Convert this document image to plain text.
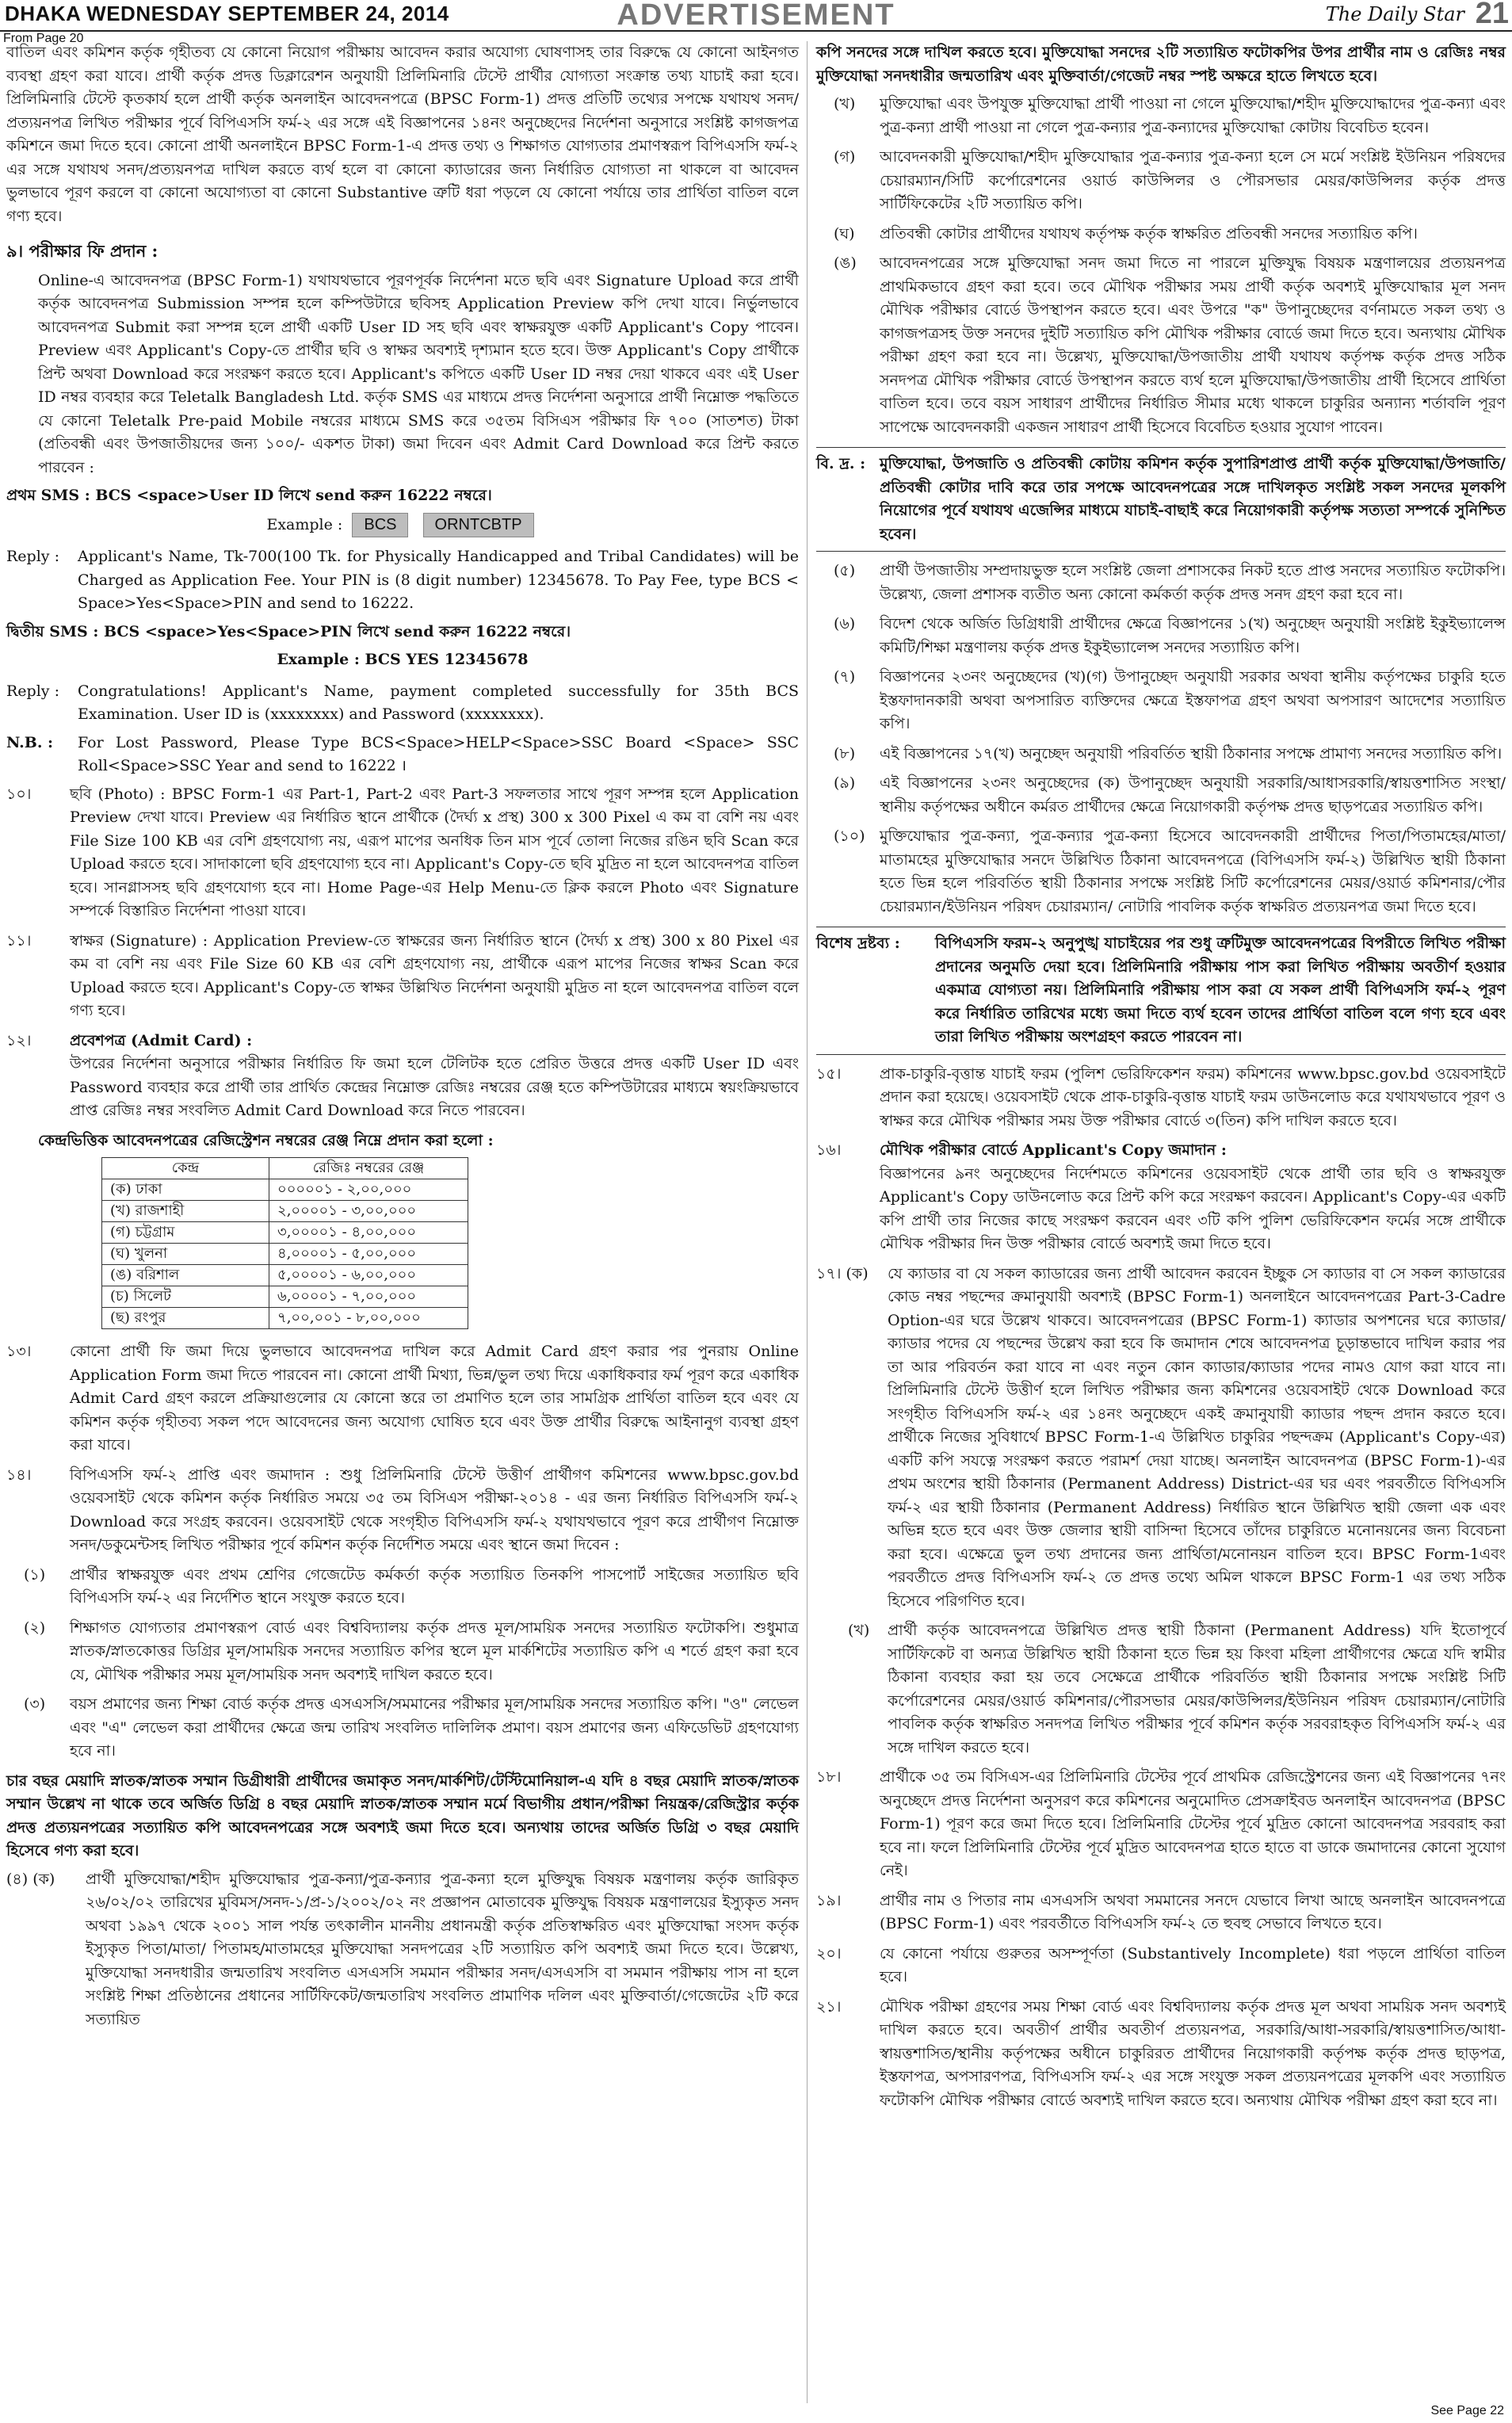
DHAKA WEDNESDAY SEPTEMBER 24, 2014	ADVERTISEMENT	The Daily Star 21
From Page 20

বাতিল এবং কমিশন কর্তৃক গৃহীতব্য যে কোনো নিয়োগ পরীক্ষায় আবেদন করার অযোগ্য ঘোষণাসহ তার বিরুদ্ধে যে কোনো আইনগত ব্যবস্থা গ্রহণ করা যাবে। প্রার্থী কর্তৃক প্রদত্ত ডিক্লারেশন অনুযায়ী প্রিলিমিনারি টেস্টে প্রার্থীর যোগ্যতা সংক্রান্ত তথ্য যাচাই করা হবে। প্রিলিমিনারি টেস্টে কৃতকার্য হলে প্রার্থী কর্তৃক অনলাইন আবেদনপত্রে (BPSC Form-1) প্রদত্ত প্রতিটি তথ্যের সপক্ষে যথাযথ সনদ/প্রত্যয়নপত্র লিখিত পরীক্ষার পূর্বে বিপিএসসি ফর্ম-২ এর সঙ্গে এই বিজ্ঞাপনের ১৪নং অনুচ্ছেদের নির্দেশনা অনুসারে সংশ্লিষ্ট কাগজপত্র কমিশনে জমা দিতে হবে। কোনো প্রার্থী অনলাইনে BPSC Form-1-এ প্রদত্ত তথ্য ও শিক্ষাগত যোগ্যতার প্রমাণস্বরূপ বিপিএসসি ফর্ম-২ এর সঙ্গে যথাযথ সনদ/প্রত্যয়নপত্র দাখিল করতে ব্যর্থ হলে বা কোনো ক্যাডারের জন্য নির্ধারিত যোগ্যতা না থাকলে বা আবেদন ভুলভাবে পূরণ করলে বা কোনো অযোগ্যতা বা কোনো Substantive ত্রুটি ধরা পড়লে যে কোনো পর্যায়ে তার প্রার্থিতা বাতিল বলে গণ্য হবে।

৯। পরীক্ষার ফি প্রদান :

Online-এ আবেদনপত্র (BPSC Form-1) যথাযথভাবে পূরণপূর্বক নির্দেশনা মতে ছবি এবং Signature Upload করে প্রার্থী কর্তৃক আবেদনপত্র Submission সম্পন্ন হলে কম্পিউটারে ছবিসহ Application Preview কপি দেখা যাবে। নির্ভুলভাবে আবেদনপত্র Submit করা সম্পন্ন হলে প্রার্থী একটি User ID সহ ছবি এবং স্বাক্ষরযুক্ত একটি Applicant's Copy পাবেন। Preview এবং Applicant's Copy-তে প্রার্থীর ছবি ও স্বাক্ষর অবশ্যই দৃশ্যমান হতে হবে। উক্ত Applicant's Copy প্রার্থীকে প্রিন্ট অথবা Download করে সংরক্ষণ করতে হবে। Applicant's কপিতে একটি User ID নম্বর দেয়া থাকবে এবং এই User ID নম্বর ব্যবহার করে Teletalk Bangladesh Ltd. কর্তৃক SMS এর মাধ্যমে প্রদত্ত নির্দেশনা অনুসারে প্রার্থী নিম্নোক্ত পদ্ধতিতে যে কোনো Teletalk Pre-paid Mobile নম্বরের মাধ্যমে SMS করে ৩৫তম বিসিএস পরীক্ষার ফি ৭০০ (সাতশত) টাকা (প্রতিবন্ধী এবং উপজাতীয়দের জন্য ১০০/- একশত টাকা) জমা দিবেন এবং Admit Card Download করে প্রিন্ট করতে পারবেন :

প্রথম SMS : BCS <space>User ID লিখে send করুন 16222 নম্বরে।

Example : BCS ORNTCBTP
Reply :	Applicant's Name, Tk-700(100 Tk. for Physically Handicapped and Tribal Candidates) will be Charged as Application Fee. Your PIN is (8 digit number) 12345678. To Pay Fee, type BCS < Space>Yes<Space>PIN and send to 16222.

দ্বিতীয় SMS : BCS <space>Yes<Space>PIN লিখে send করুন 16222 নম্বরে।

Example : BCS YES 12345678
Reply :	Congratulations! Applicant's Name, payment completed successfully for 35th BCS Examination. User ID is (xxxxxxxx) and Password (xxxxxxxx).
N.B. :	For Lost Password, Please Type BCS<Space>HELP<Space>SSC Board <Space> SSC Roll<Space>SSC Year and send to 16222 ।
১০।	ছবি (Photo) : BPSC Form-1 এর Part-1, Part-2 এবং Part-3 সফলতার সাথে পূরণ সম্পন্ন হলে Application Preview দেখা যাবে। Preview এর নির্ধারিত স্থানে প্রার্থীকে (দৈর্ঘ্য x প্রস্থ) 300 x 300 Pixel এ কম বা বেশি নয় এবং File Size 100 KB এর বেশি গ্রহণযোগ্য নয়, এরূপ মাপের অনধিক তিন মাস পূর্বে তোলা নিজের রঙিন ছবি Scan করে Upload করতে হবে। সাদাকালো ছবি গ্রহণযোগ্য হবে না। Applicant's Copy-তে ছবি মুদ্রিত না হলে আবেদনপত্র বাতিল হবে। সানগ্লাসসহ ছবি গ্রহণযোগ্য হবে না। Home Page-এর Help Menu-তে ক্লিক করলে Photo এবং Signature সম্পর্কে বিস্তারিত নির্দেশনা পাওয়া যাবে।
১১।	স্বাক্ষর (Signature) : Application Preview-তে স্বাক্ষরের জন্য নির্ধারিত স্থানে (দৈর্ঘ্য x প্রস্থ) 300 x 80 Pixel এর কম বা বেশি নয় এবং File Size 60 KB এর বেশি গ্রহণযোগ্য নয়, প্রার্থীকে এরূপ মাপের নিজের স্বাক্ষর Scan করে Upload করতে হবে। Applicant's Copy-তে স্বাক্ষর উল্লিখিত নির্দেশনা অনুযায়ী মুদ্রিত না হলে আবেদনপত্র বাতিল বলে গণ্য হবে।
১২।	প্রবেশপত্র (Admit Card) :
উপরের নির্দেশনা অনুসারে পরীক্ষার নির্ধারিত ফি জমা হলে টেলিটক হতে প্রেরিত উত্তরে প্রদত্ত একটি User ID এবং Password ব্যবহার করে প্রার্থী তার প্রার্থিত কেন্দ্রের নিম্নোক্ত রেজিঃ নম্বরের রেঞ্জ হতে কম্পিউটারের মাধ্যমে স্বয়ংক্রিয়ভাবে প্রাপ্ত রেজিঃ নম্বর সংবলিত Admit Card Download করে নিতে পারবেন।

কেন্দ্রভিত্তিক আবেদনপত্রের রেজিস্ট্রেশন নম্বরের রেঞ্জ নিম্নে প্রদান করা হলো :

কেন্দ্র	রেজিঃ নম্বরের রেঞ্জ
(ক) ঢাকা	০০০০০১ - ২,০০,০০০
(খ) রাজশাহী	২,০০০০১ - ৩,০০,০০০
(গ) চট্টগ্রাম	৩,০০০০১ - ৪,০০,০০০
(ঘ) খুলনা	৪,০০০০১ - ৫,০০,০০০
(ঙ) বরিশাল	৫,০০০০১ - ৬,০০,০০০
(চ) সিলেট	৬,০০০০১ - ৭,০০,০০০
(ছ) রংপুর	৭,০০,০০১ - ৮,০০,০০০
১৩।	কোনো প্রার্থী ফি জমা দিয়ে ভুলভাবে আবেদনপত্র দাখিল করে Admit Card গ্রহণ করার পর পুনরায় Online Application Form জমা দিতে পারবেন না। কোনো প্রার্থী মিথ্যা, ভিন্ন/ভুল তথ্য দিয়ে একাধিকবার ফর্ম পূরণ করে একাধিক Admit Card গ্রহণ করলে প্রক্রিয়াগুলোর যে কোনো স্তরে তা প্রমাণিত হলে তার সামগ্রিক প্রার্থিতা বাতিল হবে এবং যে কমিশন কর্তৃক গৃহীতব্য সকল পদে আবেদনের জন্য অযোগ্য ঘোষিত হবে এবং উক্ত প্রার্থীর বিরুদ্ধে আইনানুগ ব্যবস্থা গ্রহণ করা যাবে।
১৪।	বিপিএসসি ফর্ম-২ প্রাপ্তি এবং জমাদান : শুধু প্রিলিমিনারি টেস্টে উত্তীর্ণ প্রার্থীগণ কমিশনের www.bpsc.gov.bd ওয়েবসাইট থেকে কমিশন কর্তৃক নির্ধারিত সময়ে ৩৫ তম বিসিএস পরীক্ষা-২০১৪ - এর জন্য নির্ধারিত বিপিএসসি ফর্ম-২ Download করে সংগ্রহ করবেন। ওয়েবসাইট থেকে সংগৃহীত বিপিএসসি ফর্ম-২ যথাযথভাবে পূরণ করে প্রার্থীগণ নিম্নোক্ত সনদ/ডকুমেন্টসহ লিখিত পরীক্ষার পূর্বে কমিশন কর্তৃক নির্দেশিত সময়ে এবং স্থানে জমা দিবেন :
(১)	প্রার্থীর স্বাক্ষরযুক্ত এবং প্রথম শ্রেণির গেজেটেড কর্মকর্তা কর্তৃক সত্যায়িত তিনকপি পাসপোর্ট সাইজের সত্যায়িত ছবি বিপিএসসি ফর্ম-২ এর নির্দেশিত স্থানে সংযুক্ত করতে হবে।
(২)	শিক্ষাগত যোগ্যতার প্রমাণস্বরূপ বোর্ড এবং বিশ্ববিদ্যালয় কর্তৃক প্রদত্ত মূল/সাময়িক সনদের সত্যায়িত ফটোকপি। শুধুমাত্র স্নাতক/স্নাতকোত্তর ডিগ্রির মূল/সাময়িক সনদের সত্যায়িত কপির স্থলে মূল মার্কশিটের সত্যায়িত কপি এ শর্তে গ্রহণ করা হবে যে, মৌখিক পরীক্ষার সময় মূল/সাময়িক সনদ অবশ্যই দাখিল করতে হবে।
(৩)	বয়স প্রমাণের জন্য শিক্ষা বোর্ড কর্তৃক প্রদত্ত এসএসসি/সমমানের পরীক্ষার মূল/সাময়িক সনদের সত্যায়িত কপি। "ও" লেভেল এবং "এ" লেভেল করা প্রার্থীদের ক্ষেত্রে জন্ম তারিখ সংবলিত দালিলিক প্রমাণ। বয়স প্রমাণের জন্য এফিডেভিট গ্রহণযোগ্য হবে না।

চার বছর মেয়াদি স্নাতক/স্নাতক সম্মান ডিগ্রীধারী প্রার্থীদের জমাকৃত সনদ/মার্কশিট/টেস্টিমোনিয়াল-এ যদি ৪ বছর মেয়াদি স্নাতক/স্নাতক সম্মান উল্লেখ না থাকে তবে অর্জিত ডিগ্রি ৪ বছর মেয়াদি স্নাতক/স্নাতক সম্মান মর্মে বিভাগীয় প্রধান/পরীক্ষা নিয়ন্ত্রক/রেজিস্ট্রার কর্তৃক প্রদত্ত প্রত্যয়নপত্রের সত্যায়িত কপি আবেদনপত্রের সঙ্গে অবশ্যই জমা দিতে হবে। অন্যথায় তাদের অর্জিত ডিগ্রি ৩ বছর মেয়াদি হিসেবে গণ্য করা হবে।

(৪) (ক)	প্রার্থী মুক্তিযোদ্ধা/শহীদ মুক্তিযোদ্ধার পুত্র-কন্যা/পুত্র-কন্যার পুত্র-কন্যা হলে মুক্তিযুদ্ধ বিষয়ক মন্ত্রণালয় কর্তৃক জারিকৃত ২৬/০২/০২ তারিখের মুবিমস/সনদ-১/প্র-১/২০০২/০২ নং প্রজ্ঞাপন মোতাবেক মুক্তিযুদ্ধ বিষয়ক মন্ত্রণালয়ের ইস্যুকৃত সনদ অথবা ১৯৯৭ থেকে ২০০১ সাল পর্যন্ত তৎকালীন মাননীয় প্রধানমন্ত্রী কর্তৃক প্রতিস্বাক্ষরিত এবং মুক্তিযোদ্ধা সংসদ কর্তৃক ইস্যুকৃত পিতা/মাতা/ পিতামহ/মাতামহের মুক্তিযোদ্ধা সনদপত্রের ২টি সত্যায়িত কপি অবশ্যই জমা দিতে হবে। উল্লেখ্য, মুক্তিযোদ্ধা সনদধারীর জন্মতারিখ সংবলিত এসএসসি সমমান পরীক্ষার সনদ/এসএসসি বা সমমান পরীক্ষায় পাস না হলে সংশ্লিষ্ট শিক্ষা প্রতিষ্ঠানের প্রধানের সার্টিফিকেট/জন্মতারিখ সংবলিত প্রামাণিক দলিল এবং মুক্তিবার্তা/গেজেটের ২টি করে সত্যায়িত

কপি সনদের সঙ্গে দাখিল করতে হবে। মুক্তিযোদ্ধা সনদের ২টি সত্যায়িত ফটোকপির উপর প্রার্থীর নাম ও রেজিঃ নম্বর মুক্তিযোদ্ধা সনদধারীর জন্মতারিখ এবং মুক্তিবার্তা/গেজেট নম্বর স্পষ্ট অক্ষরে হাতে লিখতে হবে।

(খ)	মুক্তিযোদ্ধা এবং উপযুক্ত মুক্তিযোদ্ধা প্রার্থী পাওয়া না গেলে মুক্তিযোদ্ধা/শহীদ মুক্তিযোদ্ধাদের পুত্র-কন্যা এবং পুত্র-কন্যা প্রার্থী পাওয়া না গেলে পুত্র-কন্যার পুত্র-কন্যাদের মুক্তিযোদ্ধা কোটায় বিবেচিত হবেন।
(গ)	আবেদনকারী মুক্তিযোদ্ধা/শহীদ মুক্তিযোদ্ধার পুত্র-কন্যার পুত্র-কন্যা হলে সে মর্মে সংশ্লিষ্ট ইউনিয়ন পরিষদের চেয়ারম্যান/সিটি কর্পোরেশনের ওয়ার্ড কাউন্সিলর ও পৌরসভার মেয়র/কাউন্সিলর কর্তৃক প্রদত্ত সার্টিফিকেটের ২টি সত্যায়িত কপি।
(ঘ)	প্রতিবন্ধী কোটার প্রার্থীদের যথাযথ কর্তৃপক্ষ কর্তৃক স্বাক্ষরিত প্রতিবন্ধী সনদের সত্যায়িত কপি।
(ঙ)	আবেদনপত্রের সঙ্গে মুক্তিযোদ্ধা সনদ জমা দিতে না পারলে মুক্তিযুদ্ধ বিষয়ক মন্ত্রণালয়ের প্রত্যয়নপত্র প্রাথমিকভাবে গ্রহণ করা হবে। তবে মৌখিক পরীক্ষার সময় প্রার্থী কর্তৃক অবশ্যই মুক্তিযোদ্ধার মূল সনদ মৌখিক পরীক্ষার বোর্ডে উপস্থাপন করতে হবে। এবং উপরে "ক" উপানুচ্ছেদের বর্ণনামতে সকল তথ্য ও কাগজপত্রসহ উক্ত সনদের দুইটি সত্যায়িত কপি মৌখিক পরীক্ষার বোর্ডে জমা দিতে হবে। অন্যথায় মৌখিক পরীক্ষা গ্রহণ করা হবে না। উল্লেখ্য, মুক্তিযোদ্ধা/উপজাতীয় প্রার্থী যথাযথ কর্তৃপক্ষ কর্তৃক প্রদত্ত সঠিক সনদপত্র মৌখিক পরীক্ষার বোর্ডে উপস্থাপন করতে ব্যর্থ হলে মুক্তিযোদ্ধা/উপজাতীয় প্রার্থী হিসেবে প্রার্থিতা বাতিল হবে। তবে বয়স সাধারণ প্রার্থীদের নির্ধারিত সীমার মধ্যে থাকলে চাকুরির অন্যান্য শর্তাবলি পূরণ সাপেক্ষে আবেদনকারী একজন সাধারণ প্রার্থী হিসেবে বিবেচিত হওয়ার সুযোগ পাবেন।
বি. দ্র. : মুক্তিযোদ্ধা, উপজাতি ও প্রতিবন্ধী কোটায় কমিশন কর্তৃক সুপারিশপ্রাপ্ত প্রার্থী কর্তৃক মুক্তিযোদ্ধা/উপজাতি/প্রতিবন্ধী কোটার দাবি করে তার সপক্ষে আবেদনপত্রের সঙ্গে দাখিলকৃত সংশ্লিষ্ট সকল সনদের মূলকপি নিয়োগের পূর্বে যথাযথ এজেন্সির মাধ্যমে যাচাই-বাছাই করে নিয়োগকারী কর্তৃপক্ষ সত্যতা সম্পর্কে সুনিশ্চিত হবেন।
(৫)	প্রার্থী উপজাতীয় সম্প্রদায়ভুক্ত হলে সংশ্লিষ্ট জেলা প্রশাসকের নিকট হতে প্রাপ্ত সনদের সত্যায়িত ফটোকপি। উল্লেখ্য, জেলা প্রশাসক ব্যতীত অন্য কোনো কর্মকর্তা কর্তৃক প্রদত্ত সনদ গ্রহণ করা হবে না।
(৬)	বিদেশ থেকে অর্জিত ডিগ্রিধারী প্রার্থীদের ক্ষেত্রে বিজ্ঞাপনের ১(খ) অনুচ্ছেদ অনুযায়ী সংশ্লিষ্ট ইকুইভ্যালেন্স কমিটি/শিক্ষা মন্ত্রণালয় কর্তৃক প্রদত্ত ইকুইভ্যালেন্স সনদের সত্যায়িত কপি।
(৭)	বিজ্ঞাপনের ২৩নং অনুচ্ছেদের (খ)(গ) উপানুচ্ছেদ অনুযায়ী সরকার অথবা স্থানীয় কর্তৃপক্ষের চাকুরি হতে ইস্তফাদানকারী অথবা অপসারিত ব্যক্তিদের ক্ষেত্রে ইস্তফাপত্র গ্রহণ অথবা অপসারণ আদেশের সত্যায়িত কপি।
(৮)	এই বিজ্ঞাপনের ১৭(খ) অনুচ্ছেদ অনুযায়ী পরিবর্তিত স্থায়ী ঠিকানার সপক্ষে প্রামাণ্য সনদের সত্যায়িত কপি।
(৯)	এই বিজ্ঞাপনের ২৩নং অনুচ্ছেদের (ক) উপানুচ্ছেদ অনুযায়ী সরকারি/আধাসরকারি/স্বায়ত্তশাসিত সংস্থা/স্থানীয় কর্তৃপক্ষের অধীনে কর্মরত প্রার্থীদের ক্ষেত্রে নিয়োগকারী কর্তৃপক্ষ প্রদত্ত ছাড়পত্রের সত্যায়িত কপি।
(১০) মুক্তিযোদ্ধার পুত্র-কন্যা, পুত্র-কন্যার পুত্র-কন্যা হিসেবে আবেদনকারী প্রার্থীদের পিতা/পিতামহের/মাতা/মাতামহের মুক্তিযোদ্ধার সনদে উল্লিখিত ঠিকানা আবেদনপত্রে (বিপিএসসি ফর্ম-২) উল্লিখিত স্থায়ী ঠিকানা হতে ভিন্ন হলে পরিবর্তিত স্থায়ী ঠিকানার সপক্ষে সংশ্লিষ্ট সিটি কর্পোরেশনের মেয়র/ওয়ার্ড কমিশনার/পৌর চেয়ারম্যান/ইউনিয়ন পরিষদ চেয়ারম্যান/ নোটারি পাবলিক কর্তৃক স্বাক্ষরিত প্রত্যয়নপত্র জমা দিতে হবে।
বিশেষ দ্রষ্টব্য :	বিপিএসসি ফরম-২ অনুপুঙ্খ যাচাইয়ের পর শুধু ত্রুটিমুক্ত আবেদনপত্রের বিপরীতে লিখিত পরীক্ষা প্রদানের অনুমতি দেয়া হবে। প্রিলিমিনারি পরীক্ষায় পাস করা লিখিত পরীক্ষায় অবতীর্ণ হওয়ার একমাত্র যোগ্যতা নয়। প্রিলিমিনারি পরীক্ষায় পাস করা যে সকল প্রার্থী বিপিএসসি ফর্ম-২ পূরণ করে নির্ধারিত তারিখের মধ্যে জমা দিতে ব্যর্থ হবেন তাদের প্রার্থিতা বাতিল বলে গণ্য হবে এবং তারা লিখিত পরীক্ষায় অংশগ্রহণ করতে পারবেন না।
১৫।	প্রাক-চাকুরি-বৃত্তান্ত যাচাই ফরম (পুলিশ ভেরিফিকেশন ফরম) কমিশনের www.bpsc.gov.bd ওয়েবসাইটে প্রদান করা হয়েছে। ওয়েবসাইট থেকে প্রাক-চাকুরি-বৃত্তান্ত যাচাই ফরম ডাউনলোড করে যথাযথভাবে পূরণ ও স্বাক্ষর করে মৌখিক পরীক্ষার সময় উক্ত পরীক্ষার বোর্ডে ৩(তিন) কপি দাখিল করতে হবে।
১৬।	মৌখিক পরীক্ষার বোর্ডে Applicant's Copy জমাদান :
বিজ্ঞাপনের ৯নং অনুচ্ছেদের নির্দেশমতে কমিশনের ওয়েবসাইট থেকে প্রার্থী তার ছবি ও স্বাক্ষরযুক্ত Applicant's Copy ডাউনলোড করে প্রিন্ট কপি করে সংরক্ষণ করবেন। Applicant's Copy-এর একটি কপি প্রার্থী তার নিজের কাছে সংরক্ষণ করবেন এবং ৩টি কপি পুলিশ ভেরিফিকেশন ফর্মের সঙ্গে প্রার্থীকে মৌখিক পরীক্ষার দিন উক্ত পরীক্ষার বোর্ডে অবশ্যই জমা দিতে হবে।
১৭। (ক)	যে ক্যাডার বা যে সকল ক্যাডারের জন্য প্রার্থী আবেদন করবেন ইচ্ছুক সে ক্যাডার বা সে সকল ক্যাডারের কোড নম্বর পছন্দের ক্রমানুযায়ী অবশ্যই (BPSC Form-1) অনলাইনে আবেদনপত্রের Part-3-Cadre Option-এর ঘরে উল্লেখ থাকবে। আবেদনপত্রের (BPSC Form-1) ক্যাডার অপশনের ঘরে ক্যাডার/ক্যাডার পদের যে পছন্দের উল্লেখ করা হবে কি জমাদান শেষে আবেদনপত্র চূড়ান্তভাবে দাখিল করার পর তা আর পরিবর্তন করা যাবে না এবং নতুন কোন ক্যাডার/ক্যাডার পদের নামও যোগ করা যাবে না। প্রিলিমিনারি টেস্টে উত্তীর্ণ হলে লিখিত পরীক্ষার জন্য কমিশনের ওয়েবসাইট থেকে Download করে সংগৃহীত বিপিএসসি ফর্ম-২ এর ১৪নং অনুচ্ছেদে একই ক্রমানুযায়ী ক্যাডার পছন্দ প্রদান করতে হবে। প্রার্থীকে নিজের সুবিধার্থে BPSC Form-1-এ উল্লিখিত চাকুরির পছন্দক্রম (Applicant's Copy-এর) একটি কপি সযত্নে সংরক্ষণ করতে পরামর্শ দেয়া যাচ্ছে। অনলাইন আবেদনপত্র (BPSC Form-1)-এর প্রথম অংশের স্থায়ী ঠিকানার (Permanent Address) District-এর ঘর এবং পরবর্তীতে বিপিএসসি ফর্ম-২ এর স্থায়ী ঠিকানার (Permanent Address) নির্ধারিত স্থানে উল্লিখিত স্থায়ী জেলা এক এবং অভিন্ন হতে হবে এবং উক্ত জেলার স্থায়ী বাসিন্দা হিসেবে তাঁদের চাকুরিতে মনোনয়নের জন্য বিবেচনা করা হবে। এক্ষেত্রে ভুল তথ্য প্রদানের জন্য প্রার্থিতা/মনোনয়ন বাতিল হবে। BPSC Form-1এবং পরবর্তীতে প্রদত্ত বিপিএসসি ফর্ম-২ তে প্রদত্ত তথ্যে অমিল থাকলে BPSC Form-1 এর তথ্য সঠিক হিসেবে পরিগণিত হবে।
(খ)	প্রার্থী কর্তৃক আবেদনপত্রে উল্লিখিত প্রদত্ত স্থায়ী ঠিকানা (Permanent Address) যদি ইতোপূর্বে সার্টিফিকেট বা অন্যত্র উল্লিখিত স্থায়ী ঠিকানা হতে ভিন্ন হয় কিংবা মহিলা প্রার্থীগণের ক্ষেত্রে যদি স্বামীর ঠিকানা ব্যবহার করা হয় তবে সেক্ষেত্রে প্রার্থীকে পরিবর্তিত স্থায়ী ঠিকানার সপক্ষে সংশ্লিষ্ট সিটি কর্পোরেশনের মেয়র/ওয়ার্ড কমিশনার/পৌরসভার মেয়র/কাউন্সিলর/ইউনিয়ন পরিষদ চেয়ারম্যান/নোটারি পাবলিক কর্তৃক স্বাক্ষরিত সনদপত্র লিখিত পরীক্ষার পূর্বে কমিশন কর্তৃক সরবরাহকৃত বিপিএসসি ফর্ম-২ এর সঙ্গে দাখিল করতে হবে।
১৮।	প্রার্থীকে ৩৫ তম বিসিএস-এর প্রিলিমিনারি টেস্টের পূর্বে প্রাথমিক রেজিস্ট্রেশনের জন্য এই বিজ্ঞাপনের ৭নং অনুচ্ছেদে প্রদত্ত নির্দেশনা অনুসরণ করে কমিশনের অনুমোদিত প্রেসক্রাইবড অনলাইন আবেদনপত্র (BPSC Form-1) পূরণ করে জমা দিতে হবে। প্রিলিমিনারি টেস্টের পূর্বে মুদ্রিত কোনো আবেদনপত্র সরবরাহ করা হবে না। ফলে প্রিলিমিনারি টেস্টের পূর্বে মুদ্রিত আবেদনপত্র হাতে হাতে বা ডাকে জমাদানের কোনো সুযোগ নেই।
১৯।	প্রার্থীর নাম ও পিতার নাম এসএসসি অথবা সমমানের সনদে যেভাবে লিখা আছে অনলাইন আবেদনপত্রে (BPSC Form-1) এবং পরবর্তীতে বিপিএসসি ফর্ম-২ তে হুবহু সেভাবে লিখতে হবে।
২০।	যে কোনো পর্যায়ে গুরুতর অসম্পূর্ণতা (Substantively Incomplete) ধরা পড়লে প্রার্থিতা বাতিল হবে।
২১।	মৌখিক পরীক্ষা গ্রহণের সময় শিক্ষা বোর্ড এবং বিশ্ববিদ্যালয় কর্তৃক প্রদত্ত মূল অথবা সাময়িক সনদ অবশ্যই দাখিল করতে হবে। অবতীর্ণ প্রার্থীর অবতীর্ণ প্রত্যয়নপত্র, সরকারি/আধা-সরকারি/স্বায়ত্তশাসিত/আধা-স্বায়ত্তশাসিত/স্থানীয় কর্তৃপক্ষের অধীনে চাকুরিরত প্রার্থীদের নিয়োগকারী কর্তৃপক্ষ কর্তৃক প্রদত্ত ছাড়পত্র, ইস্তফাপত্র, অপসারণপত্র, বিপিএসসি ফর্ম-২ এর সঙ্গে সংযুক্ত সকল প্রত্যয়নপত্রের মূলকপি এবং সত্যায়িত ফটোকপি মৌখিক পরীক্ষার বোর্ডে অবশ্যই দাখিল করতে হবে। অন্যথায় মৌখিক পরীক্ষা গ্রহণ করা হবে না।
See Page 22
